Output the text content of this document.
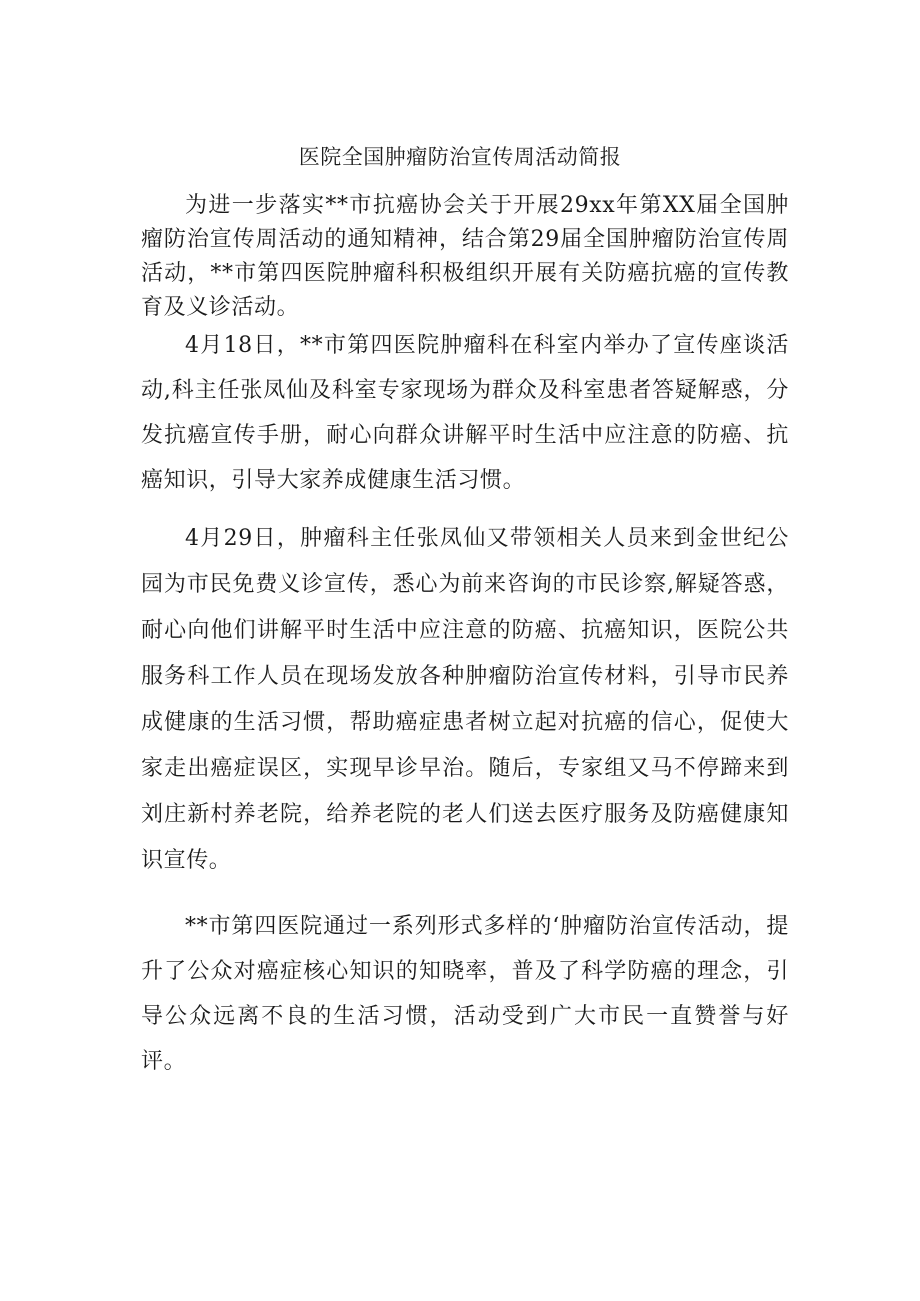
医院全国肿瘤防治宣传周活动简报

为进一步落实**市抗癌协会关于开展29xx年第XX届全国肿瘤防治宣传周活动的通知精神，结合第29届全国肿瘤防治宣传周活动，**市第四医院肿瘤科积极组织开展有关防癌抗癌的宣传教育及义诊活动。

4月18日，**市第四医院肿瘤科在科室内举办了宣传座谈活动,科主任张凤仙及科室专家现场为群众及科室患者答疑解惑，分发抗癌宣传手册，耐心向群众讲解平时生活中应注意的防癌、抗癌知识，引导大家养成健康生活习惯。

4月29日，肿瘤科主任张凤仙又带领相关人员来到金世纪公园为市民免费义诊宣传，悉心为前来咨询的市民诊察,解疑答惑，耐心向他们讲解平时生活中应注意的防癌、抗癌知识，医院公共服务科工作人员在现场发放各种肿瘤防治宣传材料，引导市民养成健康的生活习惯，帮助癌症患者树立起对抗癌的信心，促使大家走出癌症误区，实现早诊早治。随后，专家组又马不停蹄来到刘庄新村养老院，给养老院的老人们送去医疗服务及防癌健康知识宣传。

**市第四医院通过一系列形式多样的‘肿瘤防治宣传活动，提升了公众对癌症核心知识的知晓率，普及了科学防癌的理念，引导公众远离不良的生活习惯，活动受到广大市民一直赞誉与好评。
